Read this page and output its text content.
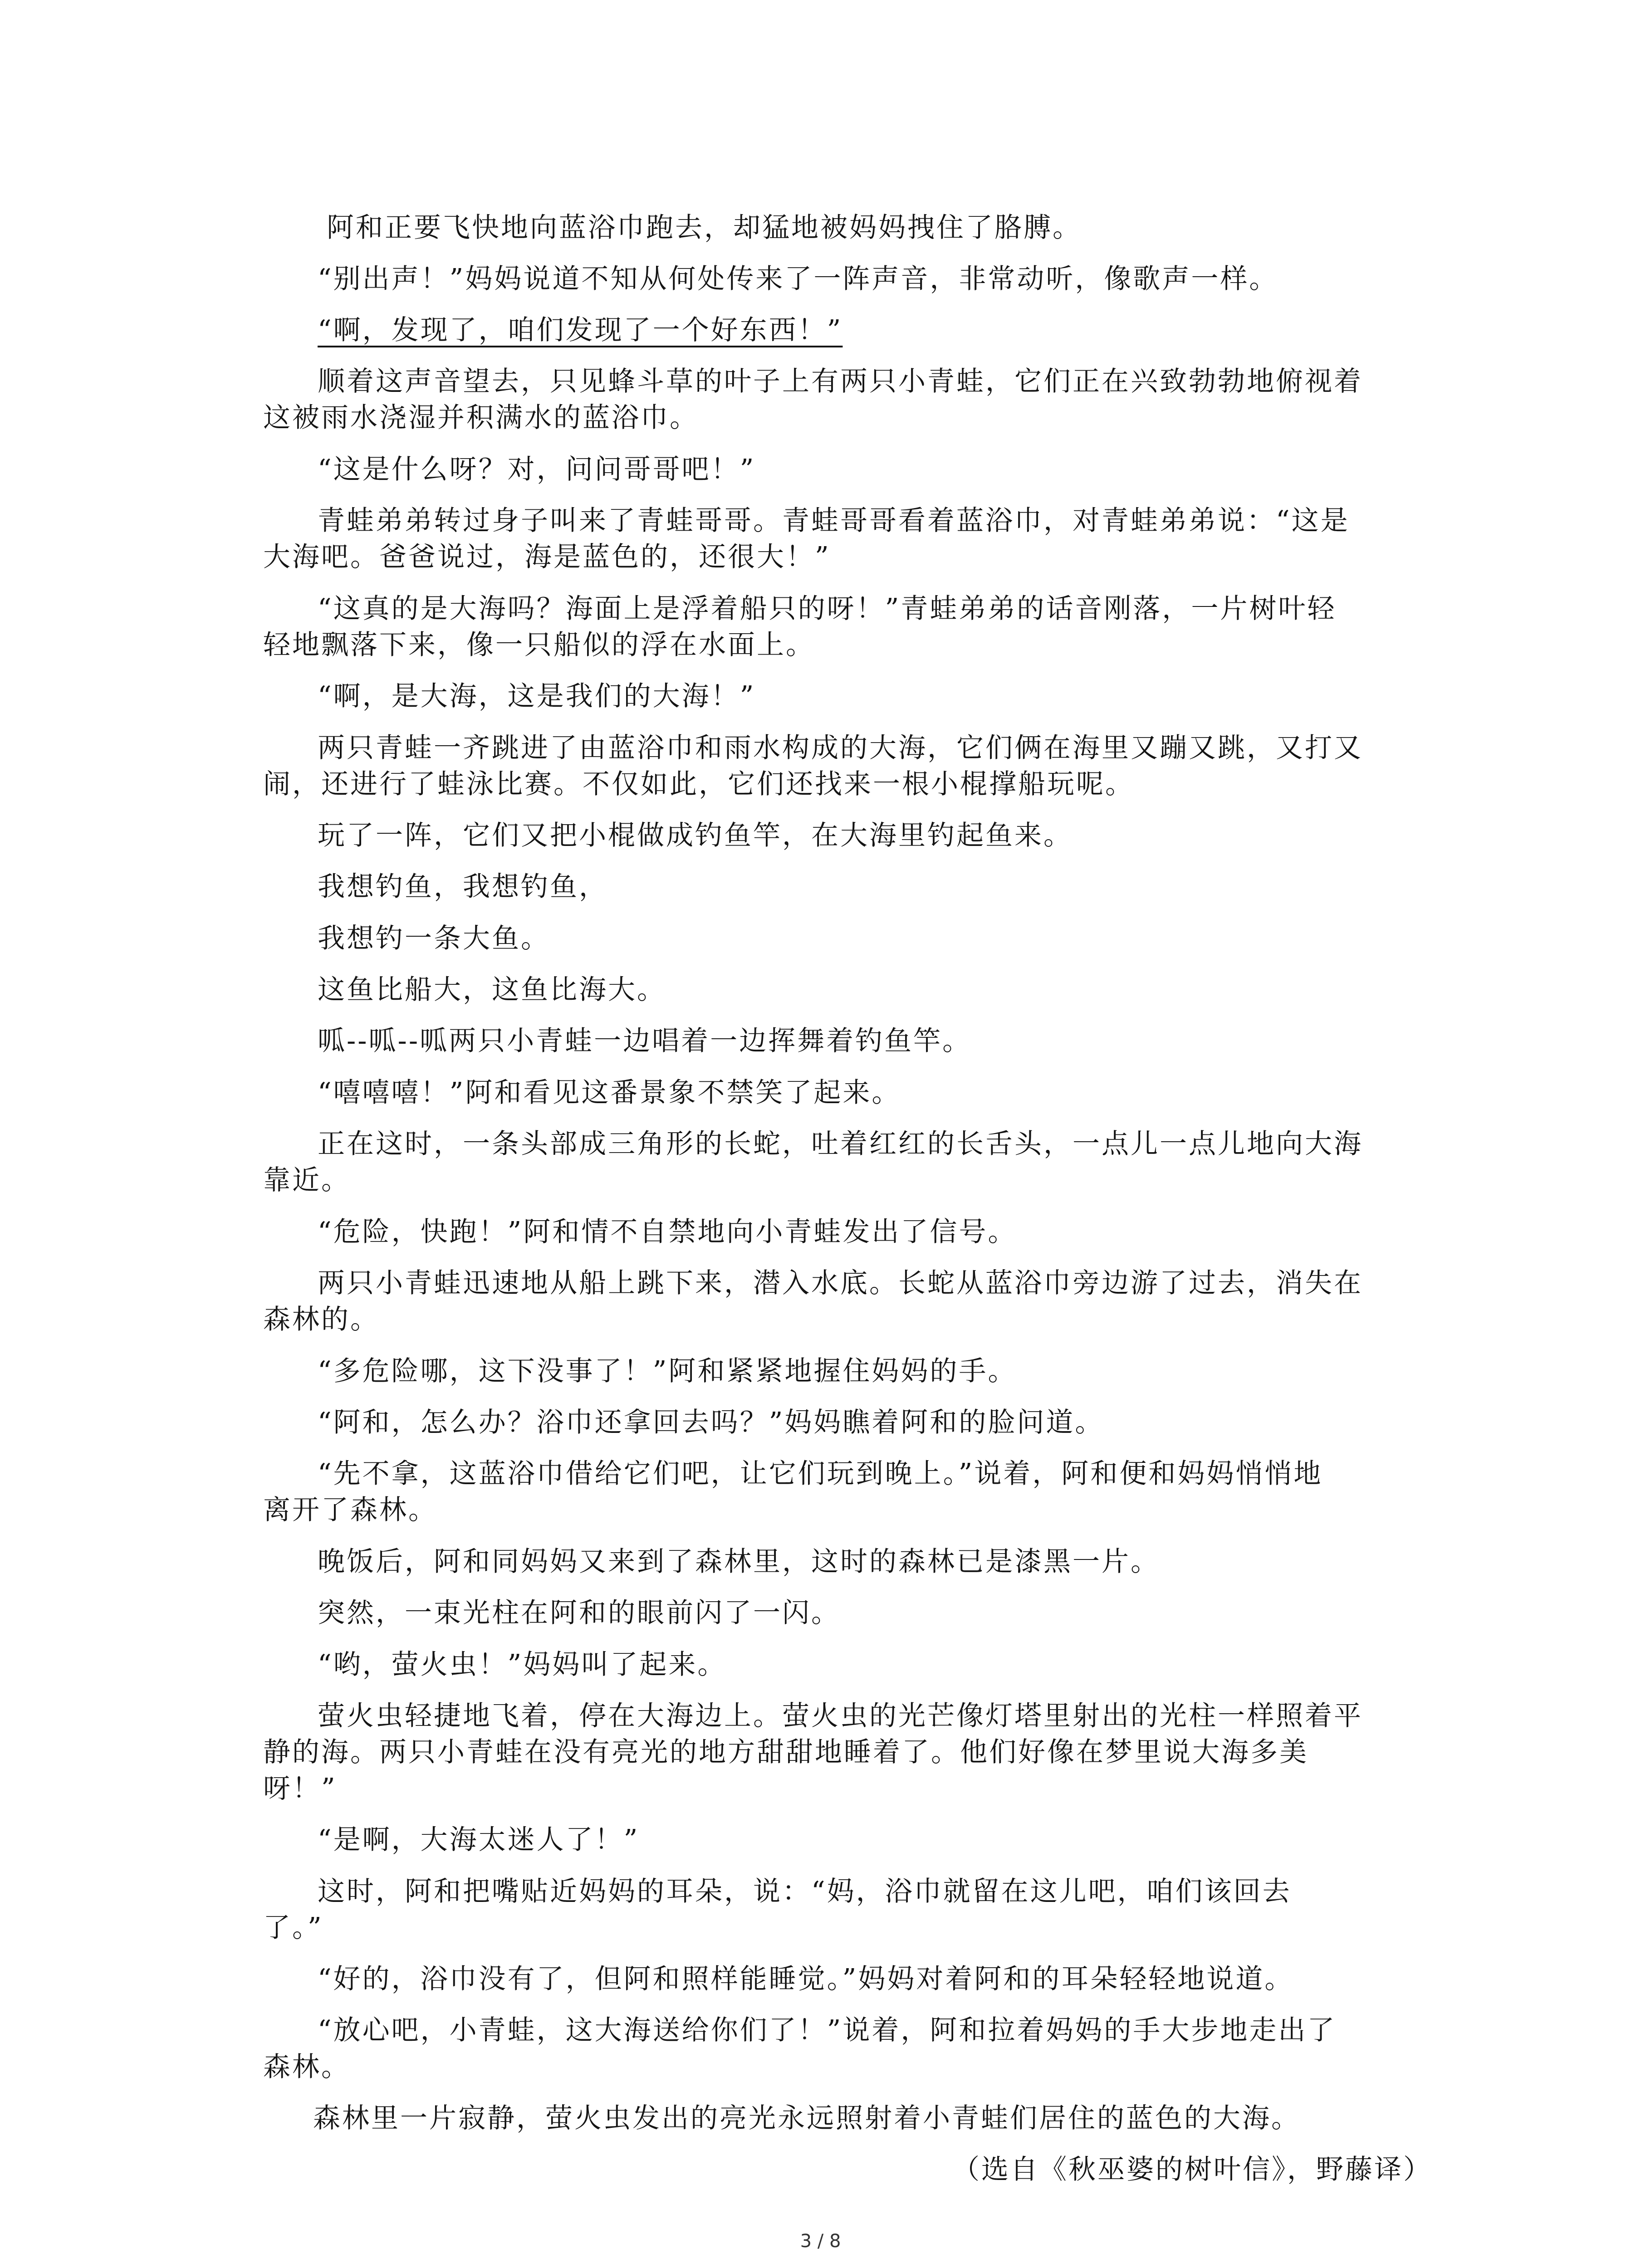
阿和正要飞快地向蓝浴巾跑去，却猛地被妈妈拽住了胳膊。
“别出声！”妈妈说道不知从何处传来了一阵声音，非常动听，像歌声一样。
“啊，发现了，咱们发现了一个好东西！”
顺着这声音望去，只见蜂斗草的叶子上有两只小青蛙，它们正在兴致勃勃地俯视着
这被雨水浇湿并积满水的蓝浴巾。
“这是什么呀？对，问问哥哥吧！”
青蛙弟弟转过身子叫来了青蛙哥哥。青蛙哥哥看着蓝浴巾，对青蛙弟弟说：“这是
大海吧。爸爸说过，海是蓝色的，还很大！”
“这真的是大海吗？海面上是浮着船只的呀！”青蛙弟弟的话音刚落，一片树叶轻
轻地飘落下来，像一只船似的浮在水面上。
“啊，是大海，这是我们的大海！”
两只青蛙一齐跳进了由蓝浴巾和雨水构成的大海，它们俩在海里又蹦又跳，又打又
闹，还进行了蛙泳比赛。不仅如此，它们还找来一根小棍撑船玩呢。
玩了一阵，它们又把小棍做成钓鱼竿，在大海里钓起鱼来。
我想钓鱼，我想钓鱼，
我想钓一条大鱼。
这鱼比船大，这鱼比海大。
呱--呱--呱两只小青蛙一边唱着一边挥舞着钓鱼竿。
“嘻嘻嘻！”阿和看见这番景象不禁笑了起来。
正在这时，一条头部成三角形的长蛇，吐着红红的长舌头，一点儿一点儿地向大海
靠近。
“危险，快跑！”阿和情不自禁地向小青蛙发出了信号。
两只小青蛙迅速地从船上跳下来，潜入水底。长蛇从蓝浴巾旁边游了过去，消失在
森林的。
“多危险哪，这下没事了！”阿和紧紧地握住妈妈的手。
“阿和，怎么办？浴巾还拿回去吗？”妈妈瞧着阿和的脸问道。
“先不拿，这蓝浴巾借给它们吧，让它们玩到晚上。”说着，阿和便和妈妈悄悄地
离开了森林。
晚饭后，阿和同妈妈又来到了森林里，这时的森林已是漆黑一片。
突然，一束光柱在阿和的眼前闪了一闪。
“哟，萤火虫！”妈妈叫了起来。
萤火虫轻捷地飞着，停在大海边上。萤火虫的光芒像灯塔里射出的光柱一样照着平
静的海。两只小青蛙在没有亮光的地方甜甜地睡着了。他们好像在梦里说大海多美
呀！”
“是啊，大海太迷人了！”
这时，阿和把嘴贴近妈妈的耳朵，说：“妈，浴巾就留在这儿吧，咱们该回去
了。”
“好的，浴巾没有了，但阿和照样能睡觉。”妈妈对着阿和的耳朵轻轻地说道。
“放心吧，小青蛙，这大海送给你们了！”说着，阿和拉着妈妈的手大步地走出了
森林。
森林里一片寂静，萤火虫发出的亮光永远照射着小青蛙们居住的蓝色的大海。
（选自《秋巫婆的树叶信》，野藤译）
3 / 8
